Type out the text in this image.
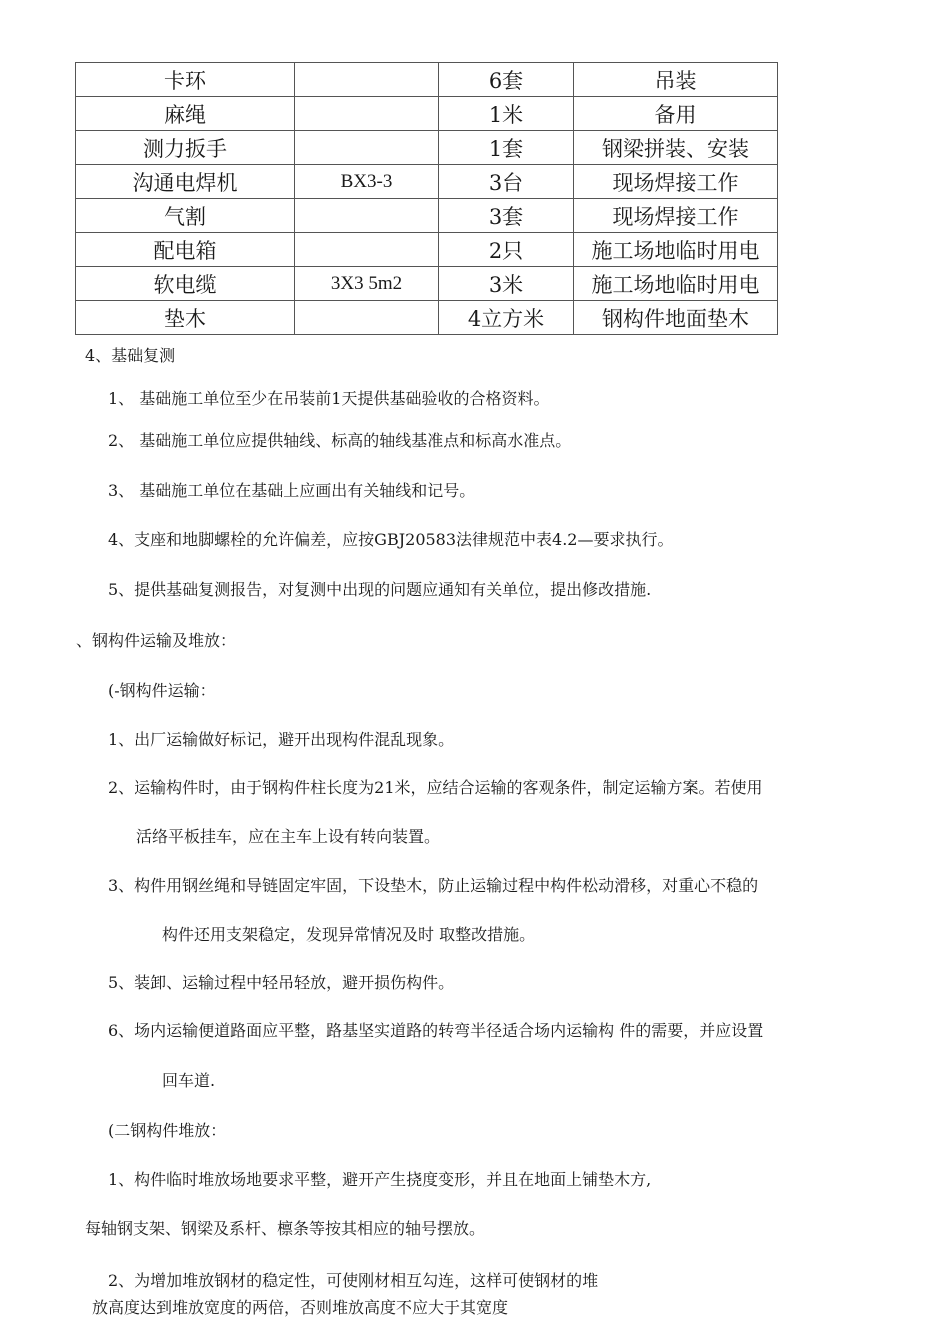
卡环		6套	吊装
麻绳		1米	备用
测力扳手		1套	钢梁拼装、安装
沟通电焊机	BX3-3	3台	现场焊接工作
气割		3套	现场焊接工作
配电箱		2只	施工场地临时用电
软电缆	3X3 5m2	3米	施工场地临时用电
垫木		4立方米	钢构件地面垫木
4、基础复测
1、 基础施工单位至少在吊装前1天提供基础验收的合格资料。
2、 基础施工单位应提供轴线、标高的轴线基准点和标高水准点。
3、 基础施工单位在基础上应画出有关轴线和记号。
4、支座和地脚螺栓的允许偏差，应按GBJ20583法律规范中表4.2—要求执行。
5、提供基础复测报告，对复测中出现的问题应通知有关单位，提出修改措施.
、钢构件运输及堆放：
(-钢构件运输：
1、出厂运输做好标记，避开出现构件混乱现象。
2、运输构件时，由于钢构件柱长度为21米，应结合运输的客观条件，制定运输方案。若使用
活络平板挂车，应在主车上设有转向装置。
3、构件用钢丝绳和导链固定牢固，下设垫木，防止运输过程中构件松动滑移，对重心不稳的
构件还用支架稳定，发现异常情况及时 取整改措施。
5、装卸、运输过程中轻吊轻放，避开损伤构件。
6、场内运输便道路面应平整，路基坚实道路的转弯半径适合场内运输构 件的需要，并应设置
回车道.
(二钢构件堆放：
1、构件临时堆放场地要求平整，避开产生挠度变形，并且在地面上铺垫木方,
每轴钢支架、钢梁及系杆、檩条等按其相应的轴号摆放。
2、为增加堆放钢材的稳定性，可使刚材相互勾连，这样可使钢材的堆
放高度达到堆放宽度的两倍，否则堆放高度不应大于其宽度
